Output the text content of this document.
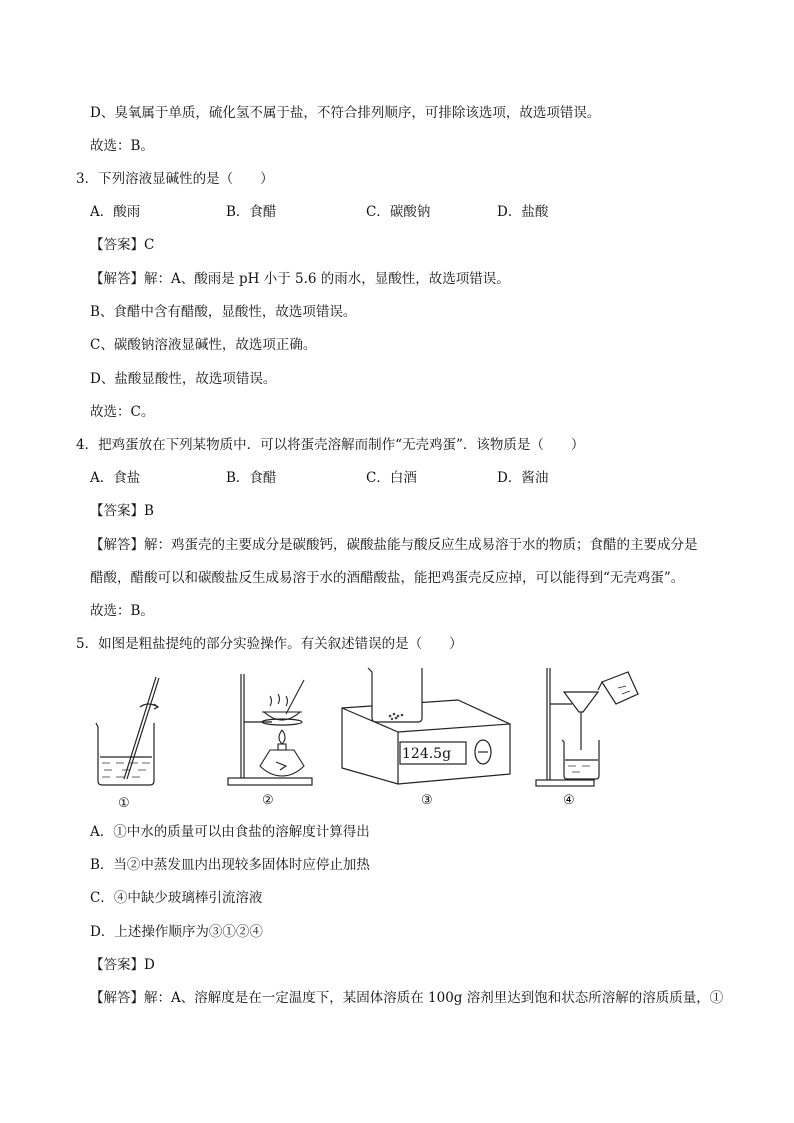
D、臭氧属于单质，硫化氢不属于盐，不符合排列顺序，可排除该选项，故选项错误。
故选：B。
3．下列溶液显碱性的是（　　）
A．酸雨	B．食醋	C．碳酸钠	D．盐酸
【答案】C
【解答】解：A、酸雨是 pH 小于 5.6 的雨水，显酸性，故选项错误。
B、食醋中含有醋酸，显酸性，故选项错误。
C、碳酸钠溶液显碱性，故选项正确。
D、盐酸显酸性，故选项错误。
故选：C。
4．把鸡蛋放在下列某物质中．可以将蛋壳溶解而制作“无壳鸡蛋”．该物质是（　　）
A．食盐	B．食醋	C．白酒	D．酱油
【答案】B
【解答】解：鸡蛋壳的主要成分是碳酸钙，碳酸盐能与酸反应生成易溶于水的物质；食醋的主要成分是
醋酸，醋酸可以和碳酸盐反生成易溶于水的酒醋酸盐，能把鸡蛋壳反应掉，可以能得到“无壳鸡蛋”。
故选：B。
5．如图是粗盐提纯的部分实验操作。有关叙述错误的是（　　）
①	②
124.5g
③	④
A．①中水的质量可以由食盐的溶解度计算得出
B．当②中蒸发皿内出现较多固体时应停止加热
C．④中缺少玻璃棒引流溶液
D．上述操作顺序为③①②④
【答案】D
【解答】解：A、溶解度是在一定温度下，某固体溶质在 100g 溶剂里达到饱和状态所溶解的溶质质量，①
